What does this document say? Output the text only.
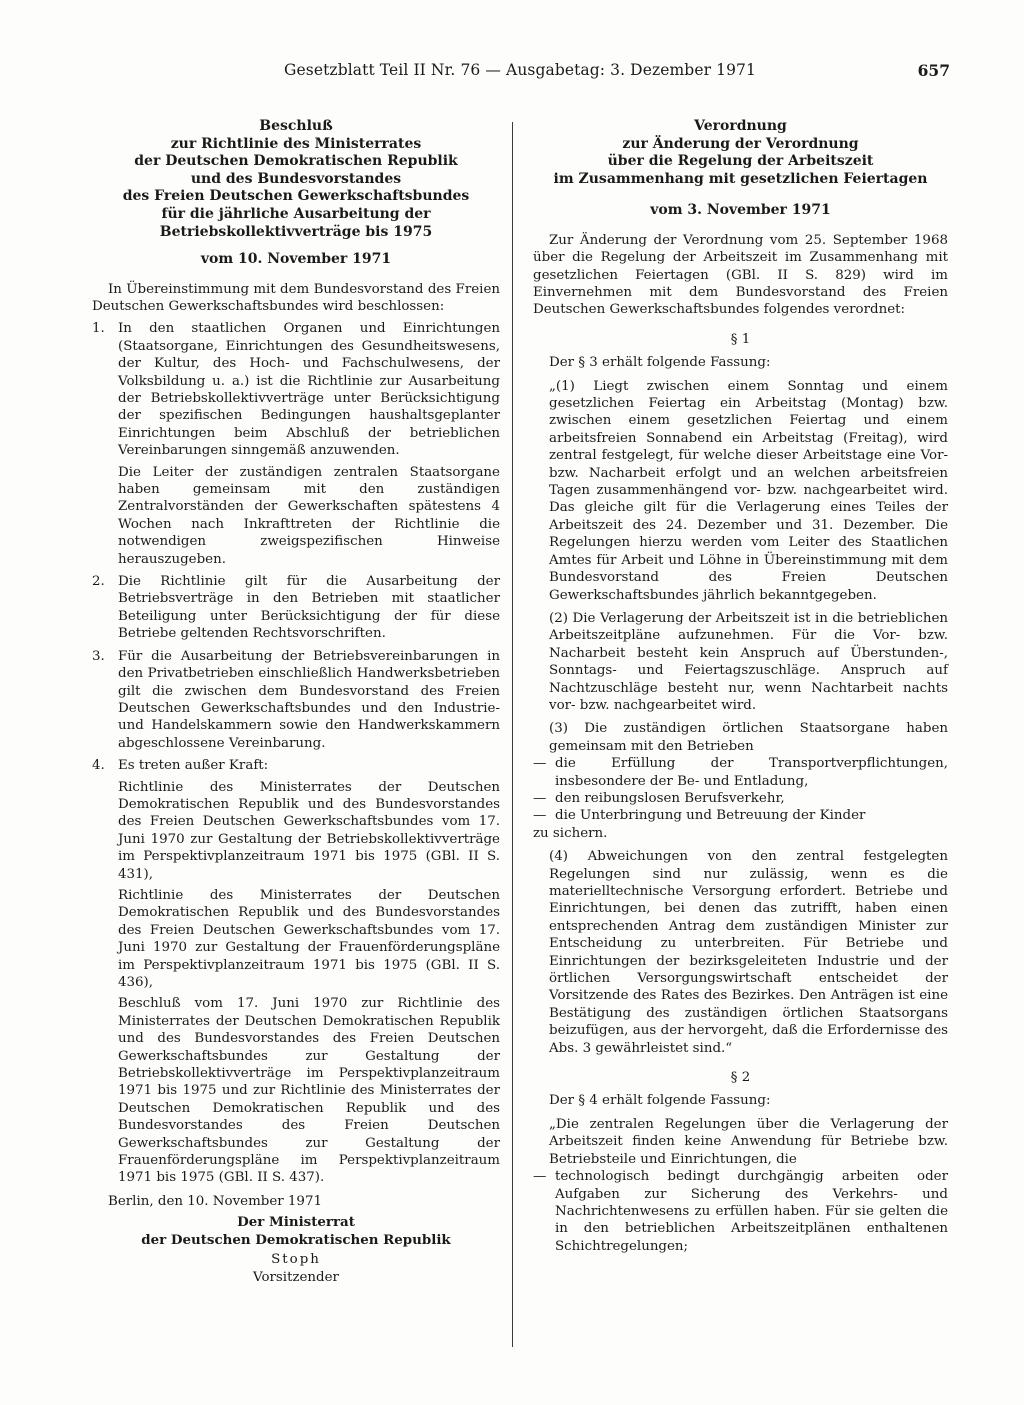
Gesetzblatt Teil II Nr. 76 — Ausgabetag: 3. Dezember 1971	657
Beschluß
zur Richtlinie des Ministerrates
der Deutschen Demokratischen Republik
und des Bundesvorstandes
des Freien Deutschen Gewerkschaftsbundes
für die jährliche Ausarbeitung der
Betriebskollektivverträge bis 1975
vom 10. November 1971

In Übereinstimmung mit dem Bundesvorstand des Freien Deutschen Gewerkschaftsbundes wird beschlossen:

1. In den staatlichen Organen und Einrichtungen (Staatsorgane, Einrichtungen des Gesundheitswesens, der Kultur, des Hoch- und Fachschulwesens, der Volksbildung u. a.) ist die Richtlinie zur Ausarbeitung der Betriebskollektivverträge unter Berücksichtigung der spezifischen Bedingungen haushaltsgeplanter Einrichtungen beim Abschluß der betrieblichen Vereinbarungen sinngemäß anzuwenden.

Die Leiter der zuständigen zentralen Staatsorgane haben gemeinsam mit den zuständigen Zentralvorständen der Gewerkschaften spätestens 4 Wochen nach Inkrafttreten der Richtlinie die notwendigen zweigspezifischen Hinweise herauszugeben.

2. Die Richtlinie gilt für die Ausarbeitung der Betriebsverträge in den Betrieben mit staatlicher Beteiligung unter Berücksichtigung der für diese Betriebe geltenden Rechtsvorschriften.

3. Für die Ausarbeitung der Betriebsvereinbarungen in den Privatbetrieben einschließlich Handwerksbetrieben gilt die zwischen dem Bundesvorstand des Freien Deutschen Gewerkschaftsbundes und den Industrie- und Handelskammern sowie den Handwerkskammern abgeschlossene Vereinbarung.

4. Es treten außer Kraft:

Richtlinie des Ministerrates der Deutschen Demokratischen Republik und des Bundesvorstandes des Freien Deutschen Gewerkschaftsbundes vom 17. Juni 1970 zur Gestaltung der Betriebskollektivverträge im Perspektivplanzeitraum 1971 bis 1975 (GBl. II S. 431),

Richtlinie des Ministerrates der Deutschen Demokratischen Republik und des Bundesvorstandes des Freien Deutschen Gewerkschaftsbundes vom 17. Juni 1970 zur Gestaltung der Frauenförderungspläne im Perspektivplanzeitraum 1971 bis 1975 (GBl. II S. 436),

Beschluß vom 17. Juni 1970 zur Richtlinie des Ministerrates der Deutschen Demokratischen Republik und des Bundesvorstandes des Freien Deutschen Gewerkschaftsbundes zur Gestaltung der Betriebskollektivverträge im Perspektivplanzeitraum 1971 bis 1975 und zur Richtlinie des Ministerrates der Deutschen Demokratischen Republik und des Bundesvorstandes des Freien Deutschen Gewerkschaftsbundes zur Gestaltung der Frauenförderungspläne im Perspektivplanzeitraum 1971 bis 1975 (GBl. II S. 437).

Berlin, den 10. November 1971

Der Ministerrat
der Deutschen Demokratischen Republik
Stoph
Vorsitzender
Verordnung
zur Änderung der Verordnung
über die Regelung der Arbeitszeit
im Zusammenhang mit gesetzlichen Feiertagen
vom 3. November 1971

Zur Änderung der Verordnung vom 25. September 1968 über die Regelung der Arbeitszeit im Zusammenhang mit gesetzlichen Feiertagen (GBl. II S. 829) wird im Einvernehmen mit dem Bundesvorstand des Freien Deutschen Gewerkschaftsbundes folgendes verordnet:

§ 1

Der § 3 erhält folgende Fassung:

„(1) Liegt zwischen einem Sonntag und einem gesetzlichen Feiertag ein Arbeitstag (Montag) bzw. zwischen einem gesetzlichen Feiertag und einem arbeitsfreien Sonnabend ein Arbeitstag (Freitag), wird zentral festgelegt, für welche dieser Arbeitstage eine Vor- bzw. Nacharbeit erfolgt und an welchen arbeitsfreien Tagen zusammenhängend vor- bzw. nachgearbeitet wird. Das gleiche gilt für die Verlagerung eines Teiles der Arbeitszeit des 24. Dezember und 31. Dezember. Die Regelungen hierzu werden vom Leiter des Staatlichen Amtes für Arbeit und Löhne in Übereinstimmung mit dem Bundesvorstand des Freien Deutschen Gewerkschaftsbundes jährlich bekanntgegeben.

(2) Die Verlagerung der Arbeitszeit ist in die betrieblichen Arbeitszeitpläne aufzunehmen. Für die Vor- bzw. Nacharbeit besteht kein Anspruch auf Überstunden-, Sonntags- und Feiertagszuschläge. Anspruch auf Nachtzuschläge besteht nur, wenn Nachtarbeit nachts vor- bzw. nachgearbeitet wird.

(3) Die zuständigen örtlichen Staatsorgane haben gemeinsam mit den Betrieben

— die Erfüllung der Transportverpflichtungen, insbesondere der Be- und Entladung,
— den reibungslosen Berufsverkehr,
— die Unterbringung und Betreuung der Kinder

zu sichern.

(4) Abweichungen von den zentral festgelegten Regelungen sind nur zulässig, wenn es die materielltechnische Versorgung erfordert. Betriebe und Einrichtungen, bei denen das zutrifft, haben einen entsprechenden Antrag dem zuständigen Minister zur Entscheidung zu unterbreiten. Für Betriebe und Einrichtungen der bezirksgeleiteten Industrie und der örtlichen Versorgungswirtschaft entscheidet der Vorsitzende des Rates des Bezirkes. Den Anträgen ist eine Bestätigung des zuständigen örtlichen Staatsorgans beizufügen, aus der hervorgeht, daß die Erfordernisse des Abs. 3 gewährleistet sind.“

§ 2

Der § 4 erhält folgende Fassung:

„Die zentralen Regelungen über die Verlagerung der Arbeitszeit finden keine Anwendung für Betriebe bzw. Betriebsteile und Einrichtungen, die

— technologisch bedingt durchgängig arbeiten oder Aufgaben zur Sicherung des Verkehrs- und Nachrichtenwesens zu erfüllen haben. Für sie gelten die in den betrieblichen Arbeitszeitplänen enthaltenen Schichtregelungen;
